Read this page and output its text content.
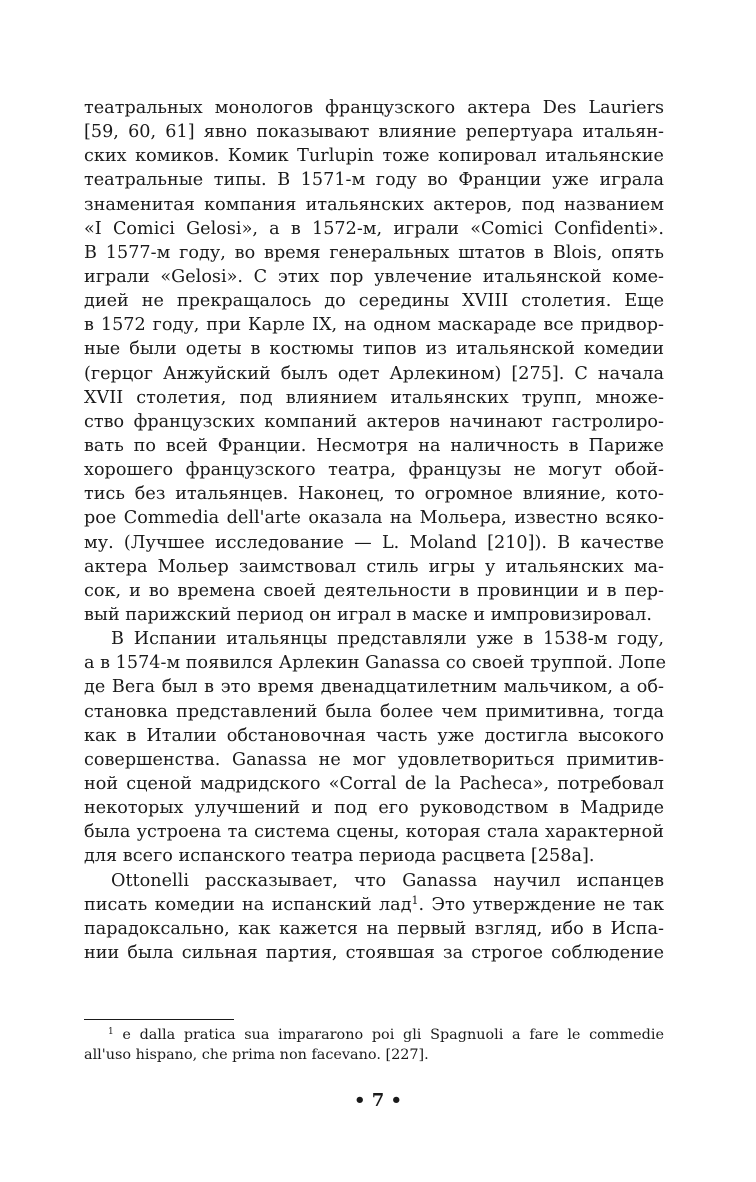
театральных монологов французского актера Des Lauriers
[59, 60, 61] явно показывают влияние репертуара итальян-
ских комиков. Комик Turlupin тоже копировал итальянские
театральные типы. В 1571-м году во Франции уже играла
знаменитая компания итальянских актеров, под названием
«I Comici Gelosi», а в 1572-м, играли «Comici Confidenti».
В 1577-м году, во время генеральных штатов в Blois, опять
играли «Gelosi». С этих пор увлечение итальянской коме-
дией не прекращалось до середины XVIII столетия. Еще
в 1572 году, при Карле IX, на одном маскараде все придвор-
ные были одеты в костюмы типов из итальянской комедии
(герцог Анжуйский былъ одет Арлекином) [275]. С начала
XVII столетия, под влиянием итальянских трупп, множе-
ство французских компаний актеров начинают гастролиро-
вать по всей Франции. Несмотря на наличность в Париже
хорошего французского театра, французы не могут обой-
тись без итальянцев. Наконец, то огромное влияние, кото-
рое Commedia dell'arte оказала на Мольера, известно всяко-
му. (Лучшее исследование — L. Moland [210]). В качестве
актера Мольер заимствовал стиль игры у итальянских ма-
сок, и во времена своей деятельности в провинции и в пер-
вый парижский период он играл в маске и импровизировал.
В Испании итальянцы представляли уже в 1538-м году,
а в 1574-м появился Арлекин Ganassa со своей труппой. Лопе
де Вега был в это время двенадцатилетним мальчиком, а об-
становка представлений была более чем примитивна, тогда
как в Италии обстановочная часть уже достигла высокого
совершенства. Ganassa не мог удовлетвориться примитив-
ной сценой мадридского «Corral de la Pacheca», потребовал
некоторых улучшений и под его руководством в Мадриде
была устроена та система сцены, которая стала характерной
для всего испанского театра периода расцвета [258а].
Ottonelli рассказывает, что Ganassa научил испанцев
писать комедии на испанский лад$^1$. Это утверждение не так
парадоксально, как кажется на первый взгляд, ибо в Испа-
нии была сильная партия, стоявшая за строгое соблюдение
$^1$ e dalla pratica sua impararono poi gli Spagnuoli a fare le commedie
all'uso hispano, che prima non facevano. [227].
• 7 •
